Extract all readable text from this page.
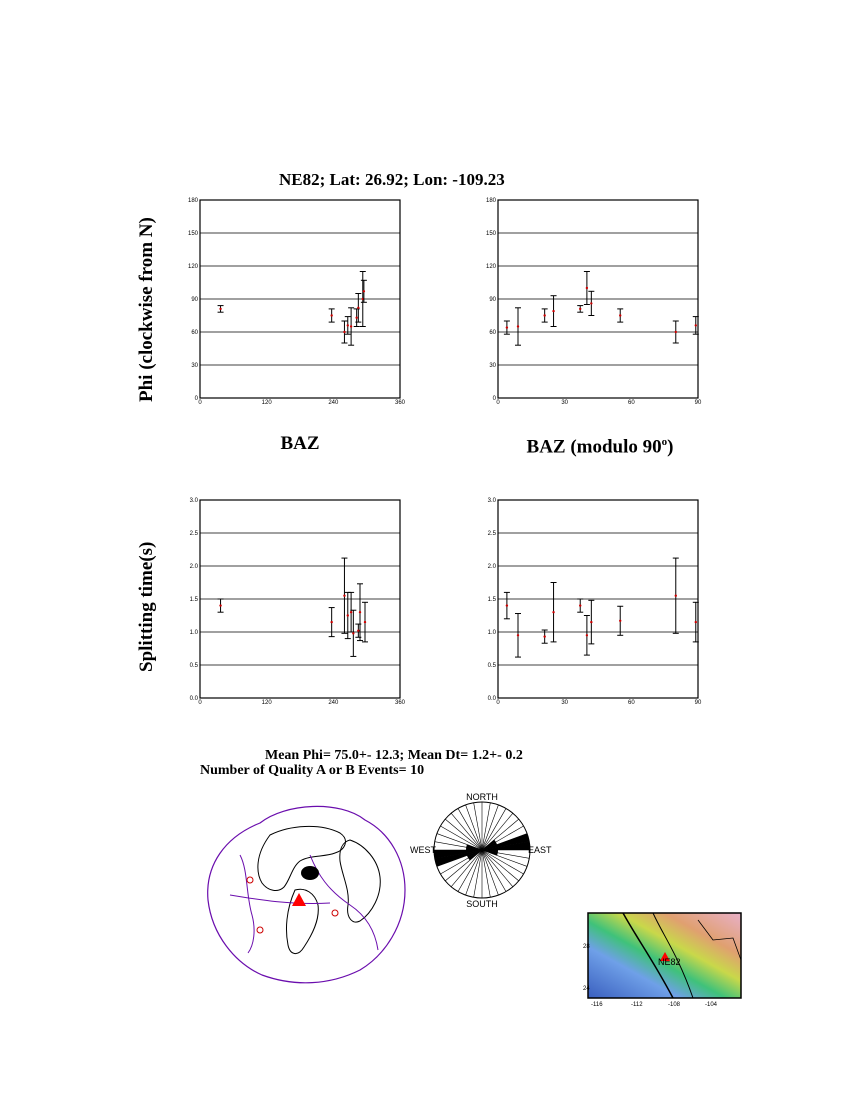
NE82; Lat: 26.92; Lon: -109.23
Phi (clockwise from N)
Splitting time(s)
BAZ	BAZ (modulo 90$^o$)
0
30
60
90
120
150
180
0	120	240	360
0
30
60
90
120
150
180
0	30	60	90
0.0
0.5
1.0
1.5
2.0
2.5
3.0
0	120	240	360
0.0
0.5
1.0
1.5
2.0
2.5
3.0
0	30	60	90
Mean Phi= 75.0+- 12.3; Mean Dt= 1.2+- 0.2
Number of Quality A or B Events= 10
NORTH
SOUTH
EAST
WEST
NE82
28
24
-116	-112	-108	-104
